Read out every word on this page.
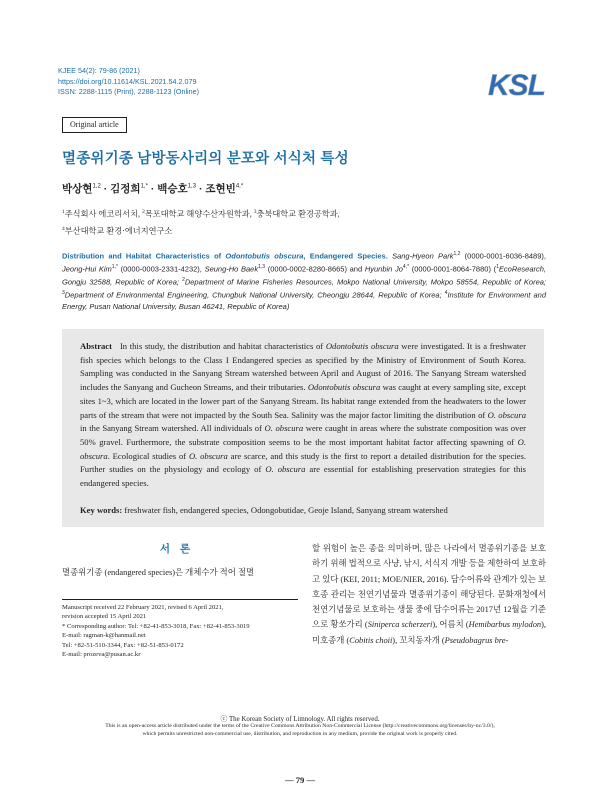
KJEE 54(2): 79-86 (2021)
https://doi.org/10.11614/KSL.2021.54.2.079
ISSN: 2288-1115 (Print), 2288-1123 (Online)	KSL
Original article
멸종위기종 남방동사리의 분포와 서식처 특성
박상현$^{1,2}$ · 김정희$^{1,*}$ · 백승호$^{1,3}$ · 조현빈$^{4,*}$
$^1$주식회사 에코리서치, $^2$목포대학교 해양수산자원학과, $^3$충북대학교 환경공학과,
$^4$부산대학교 환경·에너지연구소
Distribution and Habitat Characteristics of Odontobutis obscura, Endangered Species. Sang-Hyeon Park$^{1,2}$ (0000-0001-6036-8489), Jeong-Hui Kim$^{1,*}$ (0000-0003-2331-4232), Seung-Ho Baek$^{1,3}$ (0000-0002-8280-8665) and Hyunbin $Jo^{4,*}$ (0000-0001-8064-7880) ($^1$EcoResearch, Gongju 32588, Republic of Korea; $^2$Department of Marine Fisheries Resources, Mokpo National University, Mokpo 58554, Republic of Korea; $^3$Department of Environmental Engineering, Chungbuk National University, Cheongju 28644, Republic of Korea; $^4$Institute for Environment and Energy, Pusan National University, Busan 46241, Republic of Korea)
Abstract In this study, the distribution and habitat characteristics of Odontobutis obscura were investigated. It is a freshwater fish species which belongs to the Class I Endangered species as specified by the Ministry of Environment of South Korea. Sampling was conducted in the Sanyang Stream watershed between April and August of 2016. The Sanyang Stream watershed includes the Sanyang and Gucheon Streams, and their tributaries. Odontobutis obscura was caught at every sampling site, except sites 1~3, which are located in the lower part of the Sanyang Stream. Its habitat range extended from the headwaters to the lower parts of the stream that were not impacted by the South Sea. Salinity was the major factor limiting the distribution of O. obscura in the Sanyang Stream watershed. All individuals of O. obscura were caught in areas where the substrate composition was over 50% gravel. Furthermore, the substrate composition seems to be the most important habitat factor affecting spawning of O. obscura. Ecological studies of O. obscura are scarce, and this study is the first to report a detailed distribution for the species. Further studies on the physiology and ecology of O. obscura are essential for establishing preservation strategies for this endangered species.
Key words: freshwater fish, endangered species, Odongobutidae, Geoje Island, Sanyang stream watershed
서론
멸종위기종 (endangered species)은 개체수가 적어 절멸
Manuscript received 22 February 2021, revised 6 April 2021,
revision accepted 15 April 2021
* Corresponding author: Tel: +82-41-853-3018, Fax: +82-41-853-3019
E-mail: ragman-k@hanmail.net
Tel: +82-51-510-3344, Fax: +82-51-853-0172
E-mail: prozeva@pusan.ac.kr
할 위험이 높은 종을 의미하며, 많은 나라에서 멸종위기종을 보호하기 위해 법적으로 사냥, 낚시, 서식지 개발 등을 제한하여 보호하고 있다 (KEI, 2011; MOE/NIER, 2016). 담수어류와 관계가 있는 보호종 관리는 천연기념물과 멸종위기종이 해당된다. 문화재청에서 천연기념물로 보호하는 생물 중에 담수어류는 2017년 12월을 기준으로 황쏘가리 (Siniperca scherzeri), 어름치 (Hemibarbus mylodon), 미호종개 (Cobitis choii), 꼬치동자개 (Pseudobagrus bre-
ⓒ The Korean Society of Limnology. All rights reserved.
This is an open-access article distributed under the terms of the Creative Commons Attribution Non-Commercial License (http://creativecommons.org/licenses/by-nc/3.0/),
which permits unrestricted non-commercial use, distribution, and reproduction in any medium, provide the original work is properly cited.
— 79 —
